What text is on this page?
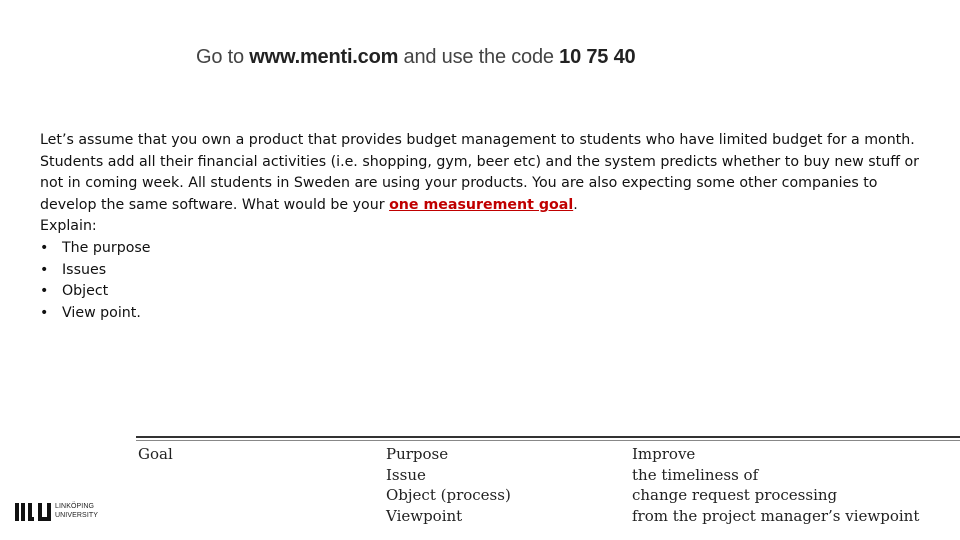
Go to www.menti.com and use the code 10 75 40

Let’s assume that you own a product that provides budget management to students who have limited budget for a month. Students add all their financial activities (i.e. shopping, gym, beer etc) and the system predicts whether to buy new stuff or not in coming week. All students in Sweden are using your products. You are also expecting some other companies to develop the same software. What would be your one measurement goal.

Explain:

• The purpose
• Issues
• Object
• View point.
Goal	Purpose
Issue
Object (process)
Viewpoint
Improve
the timeliness of
change request processing
from the project manager’s viewpoint
LINKÖPING
UNIVERSITY
